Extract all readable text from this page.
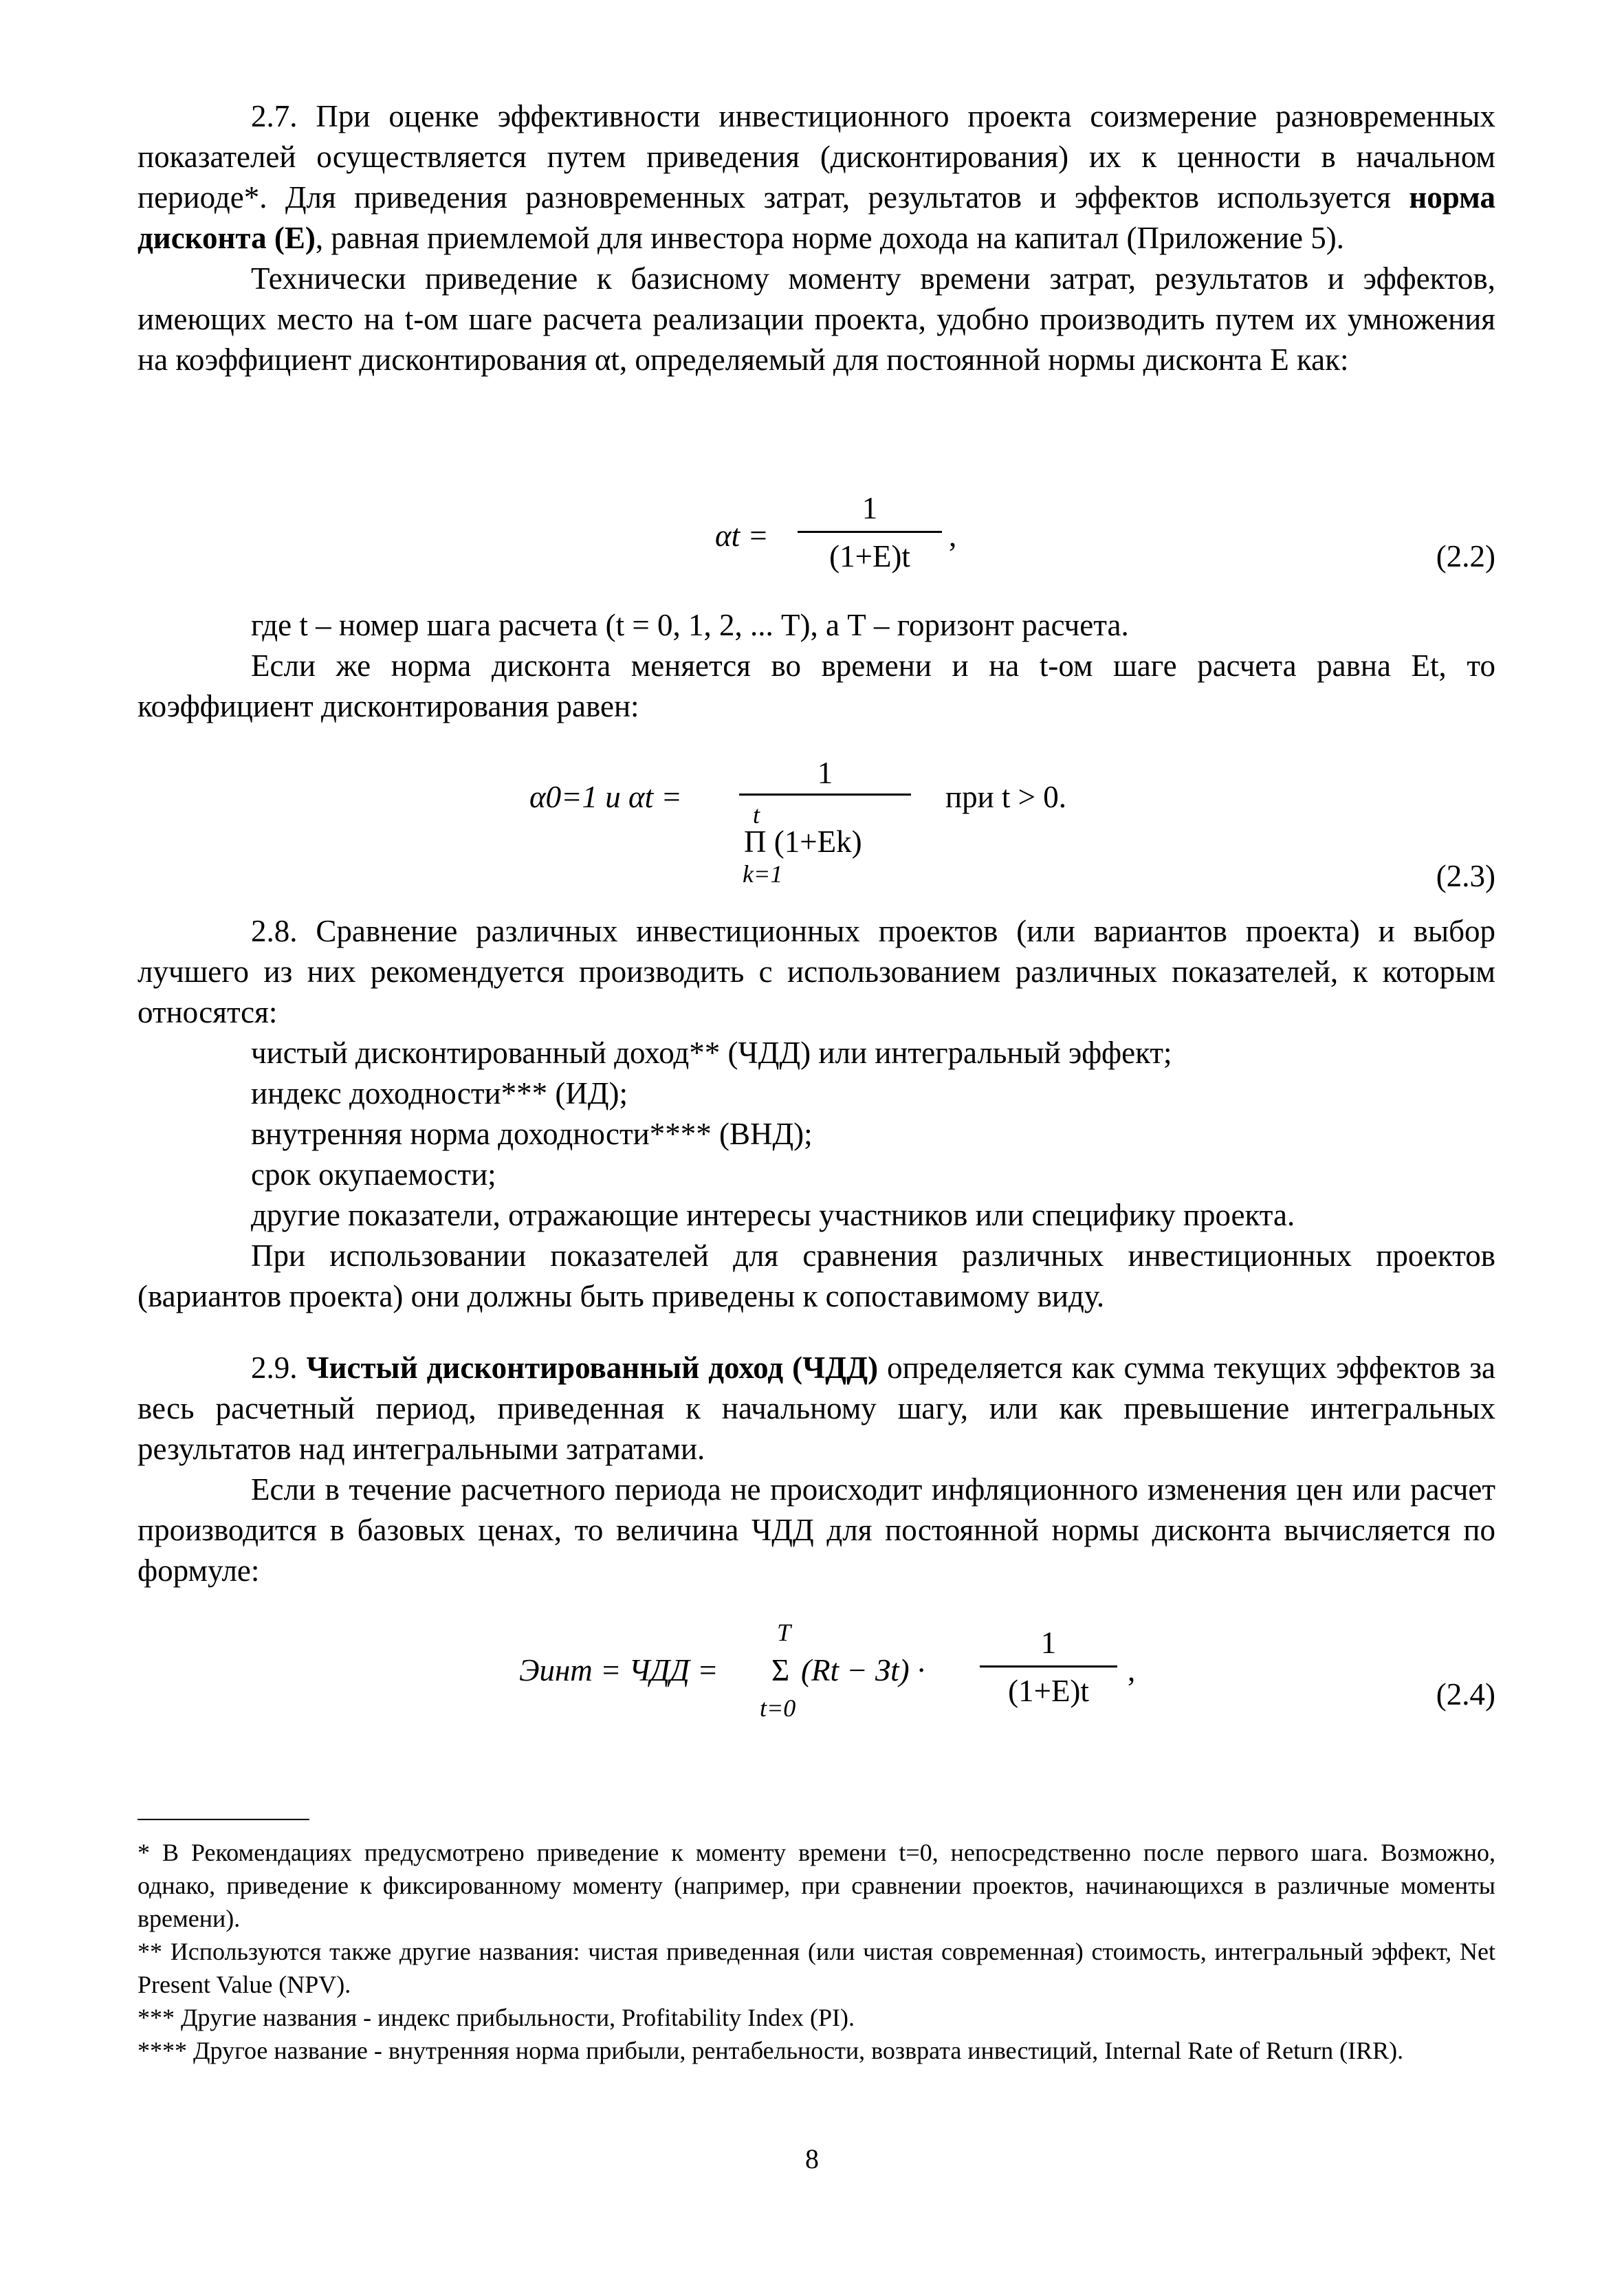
2.7. При оценке эффективности инвестиционного проекта соизмерение разновременных показателей осуществляется путем приведения (дисконтирования) их к ценности в начальном периоде*. Для приведения разновременных затрат, результатов и эффектов используется норма дисконта (Е), равная приемлемой для инвестора норме дохода на капитал (Приложение 5).

Технически приведение к базисному моменту времени затрат, результатов и эффектов, имеющих место на t-ом шаге расчета реализации проекта, удобно производить путем их умножения на коэффициент дисконтирования αt, определяемый для постоянной нормы дисконта Е как:

αt =
1
(1+E)t
,
(2.2)

где t – номер шага расчета (t = 0, 1, 2, ... Т), а Т – горизонт расчета.

Если же норма дисконта меняется во времени и на t-ом шаге расчета равна Еt, то коэффициент дисконтирования равен:

α0=1 и αt =
1
t
Π (1+Ek)
k=1
при t > 0.
(2.3)

2.8. Сравнение различных инвестиционных проектов (или вариантов проекта) и выбор лучшего из них рекомендуется производить с использованием различных показателей, к которым относятся:

чистый дисконтированный доход** (ЧДД) или интегральный эффект;

индекс доходности*** (ИД);

внутренняя норма доходности**** (ВНД);

срок окупаемости;

другие показатели, отражающие интересы участников или специфику проекта.

При использовании показателей для сравнения различных инвестиционных проектов (вариантов проекта) они должны быть приведены к сопоставимому виду.

2.9. Чистый дисконтированный доход (ЧДД) определяется как сумма текущих эффектов за весь расчетный период, приведенная к начальному шагу, или как превышение интегральных результатов над интегральными затратами.

Если в течение расчетного периода не происходит инфляционного изменения цен или расчет производится в базовых ценах, то величина ЧДД для постоянной нормы дисконта вычисляется по формуле:

Эинт = ЧДД =
T
Σ
t=0
(Rt − Зt) ·
1
(1+E)t
,
(2.4)

* В Рекомендациях предусмотрено приведение к моменту времени t=0, непосредственно после первого шага. Возможно, однако, приведение к фиксированному моменту (например, при сравнении проектов, начинающихся в различные моменты времени).

** Используются также другие названия: чистая приведенная (или чистая современная) стоимость, интегральный эффект, Net Present Value (NPV).

*** Другие названия - индекс прибыльности, Profitability Index (PI).

**** Другое название - внутренняя норма прибыли, рентабельности, возврата инвестиций, Internal Rate of Return (IRR).

8
